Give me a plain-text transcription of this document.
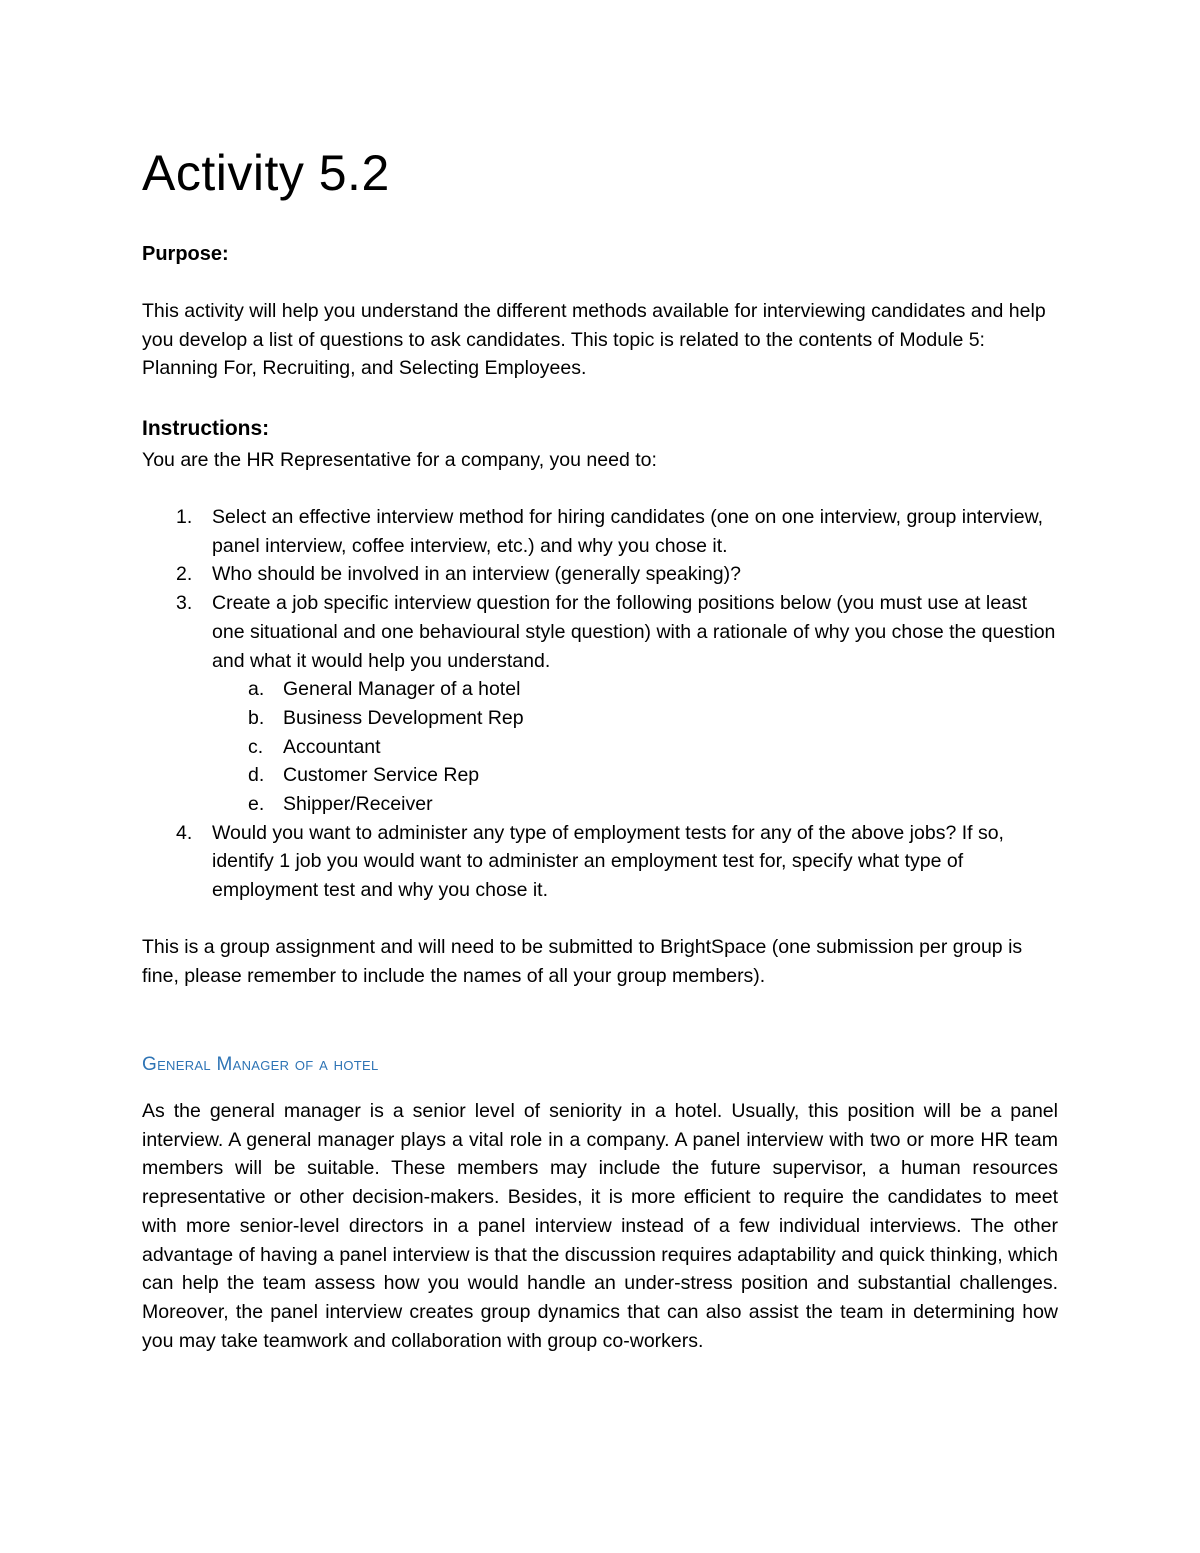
Activity 5.2

Purpose:

This activity will help you understand the different methods available for interviewing candidates and help you develop a list of questions to ask candidates. This topic is related to the contents of Module 5: Planning For, Recruiting, and Selecting Employees.

Instructions:

You are the HR Representative for a company, you need to:

1. Select an effective interview method for hiring candidates (one on one interview, group interview, panel interview, coffee interview, etc.) and why you chose it.
2. Who should be involved in an interview (generally speaking)?
3. Create a job specific interview question for the following positions below (you must use at least one situational and one behavioural style question) with a rationale of why you chose the question and what it would help you understand.
a. General Manager of a hotel
b. Business Development Rep
c. Accountant
d. Customer Service Rep
e. Shipper/Receiver
4. Would you want to administer any type of employment tests for any of the above jobs? If so, identify 1 job you would want to administer an employment test for, specify what type of employment test and why you chose it.

This is a group assignment and will need to be submitted to BrightSpace (one submission per group is fine, please remember to include the names of all your group members).

General Manager of a hotel

As the general manager is a senior level of seniority in a hotel. Usually, this position will be a panel interview. A general manager plays a vital role in a company. A panel interview with two or more HR team members will be suitable. These members may include the future supervisor, a human resources representative or other decision-makers. Besides, it is more efficient to require the candidates to meet with more senior-level directors in a panel interview instead of a few individual interviews. The other advantage of having a panel interview is that the discussion requires adaptability and quick thinking, which can help the team assess how you would handle an under-stress position and substantial challenges. Moreover, the panel interview creates group dynamics that can also assist the team in determining how you may take teamwork and collaboration with group co-workers.
